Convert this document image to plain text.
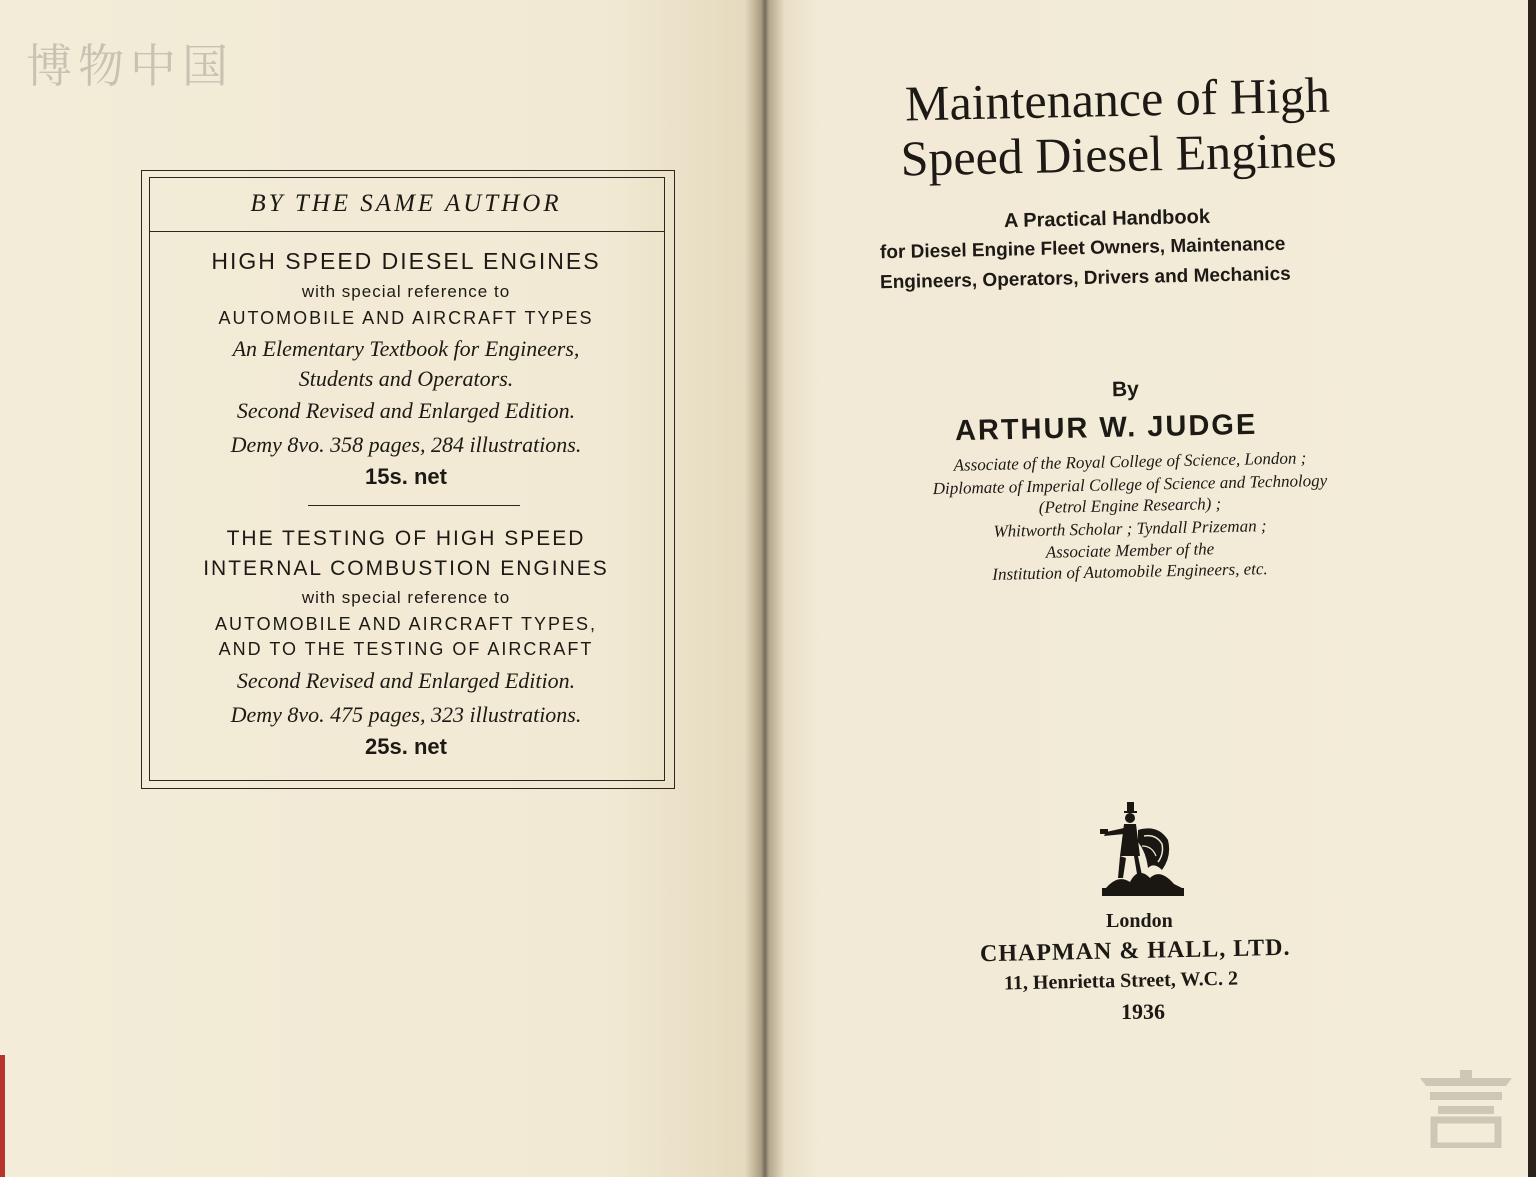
博物中国
BY THE SAME AUTHOR
HIGH SPEED DIESEL ENGINES
with special reference to
AUTOMOBILE AND AIRCRAFT TYPES
An Elementary Textbook for Engineers,
Students and Operators.
Second Revised and Enlarged Edition.
Demy 8vo. 358 pages, 284 illustrations.
15s. net
THE TESTING OF HIGH SPEED
INTERNAL COMBUSTION ENGINES
with special reference to
AUTOMOBILE AND AIRCRAFT TYPES,
AND TO THE TESTING OF AIRCRAFT
Second Revised and Enlarged Edition.
Demy 8vo. 475 pages, 323 illustrations.
25s. net
Maintenance of High
Speed Diesel Engines
A Practical Handbook
for Diesel Engine Fleet Owners, Maintenance
Engineers, Operators, Drivers and Mechanics
By
ARTHUR W. JUDGE
Associate of the Royal College of Science, London ;
Diplomate of Imperial College of Science and Technology
(Petrol Engine Research) ;
Whitworth Scholar ; Tyndall Prizeman ;
Associate Member of the
Institution of Automobile Engineers, etc.
London
CHAPMAN & HALL, LTD.
11, Henrietta Street, W.C. 2
1936
